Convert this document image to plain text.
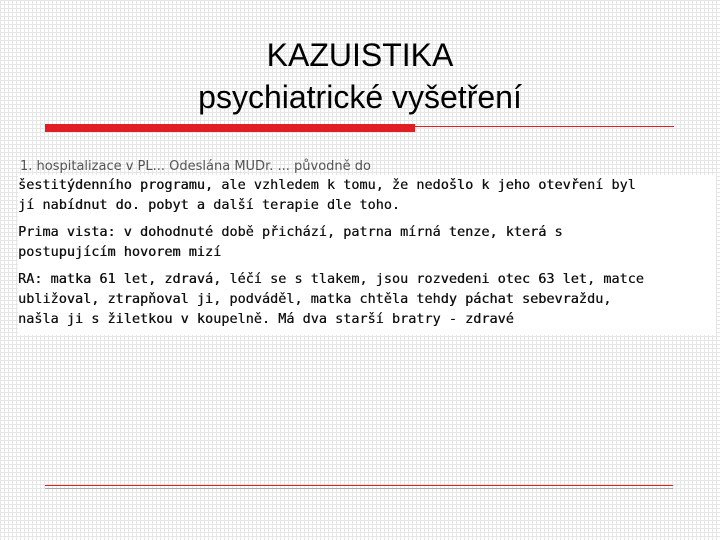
KAZUISTIKA
psychiatrické vyšetření
1. hospitalizace v PL... Odeslána MUDr. ... původně do

šestitýdenního programu, ale vzhledem k tomu, že nedošlo k jeho otevření byl

jí nabídnut do. pobyt a další terapie dle toho.

Prima vista: v dohodnuté době přichází, patrna mírná tenze, která s

postupujícím hovorem mizí

RA: matka 61 let, zdravá, léčí se s tlakem, jsou rozvedeni otec 63 let, matce

ubližoval, ztrapňoval ji, podváděl, matka chtěla tehdy páchat sebevraždu,

našla ji s žiletkou v koupelně. Má dva starší bratry - zdravé
